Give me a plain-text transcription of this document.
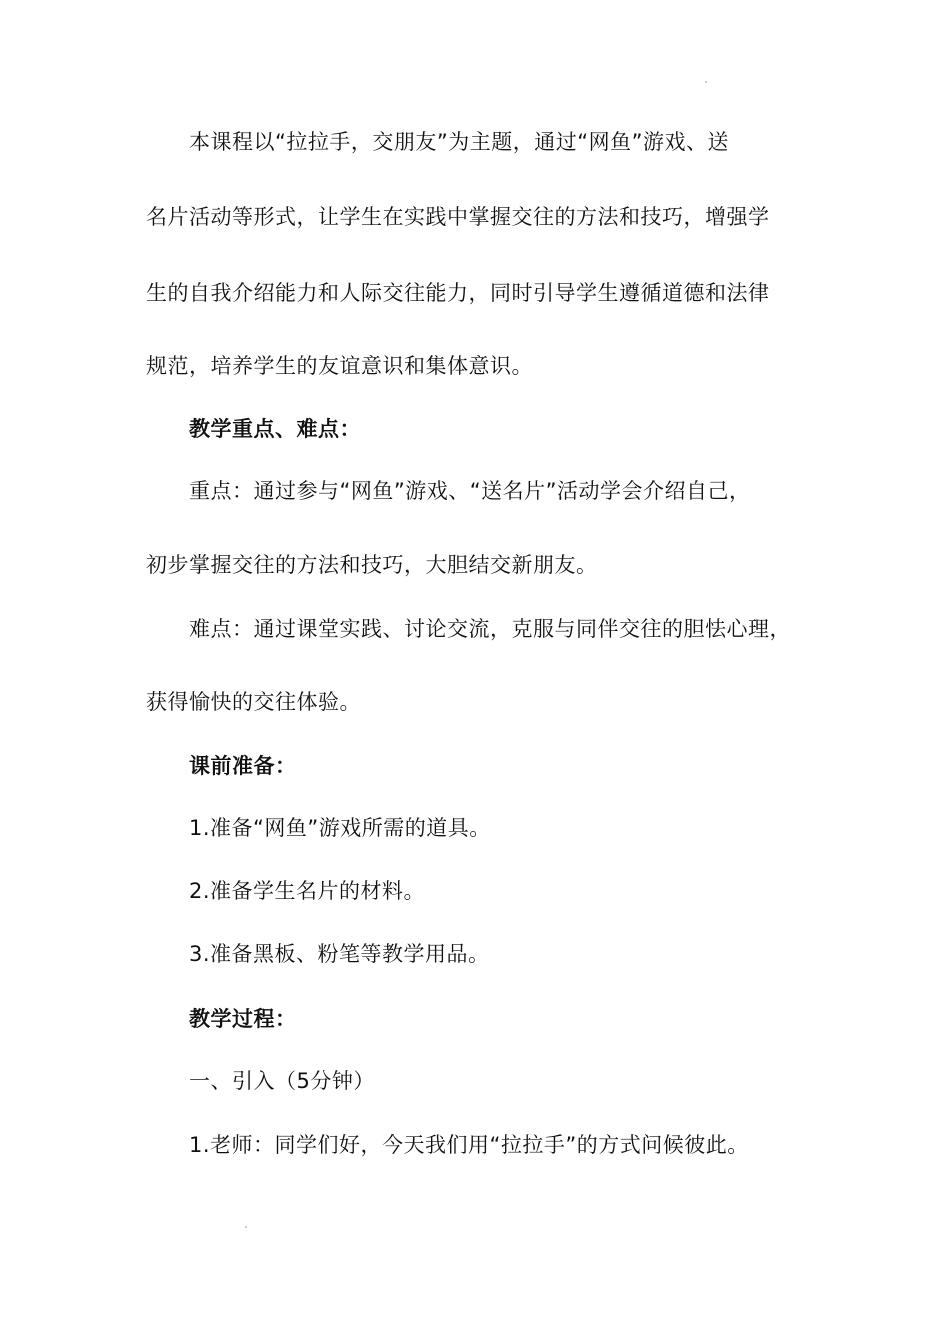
本课程以“拉拉手，交朋友”为主题，通过“网鱼”游戏、送
名片活动等形式，让学生在实践中掌握交往的方法和技巧，增强学
生的自我介绍能力和人际交往能力，同时引导学生遵循道德和法律
规范，培养学生的友谊意识和集体意识。
教学重点、难点：
重点：通过参与“网鱼”游戏、“送名片”活动学会介绍自己，
初步掌握交往的方法和技巧，大胆结交新朋友。
难点：通过课堂实践、讨论交流，克服与同伴交往的胆怯心理，
获得愉快的交往体验。
课前准备：
1.准备“网鱼”游戏所需的道具。
2.准备学生名片的材料。
3.准备黑板、粉笔等教学用品。
教学过程：
一、引入（5分钟）
1.老师：同学们好，今天我们用“拉拉手”的方式问候彼此。
